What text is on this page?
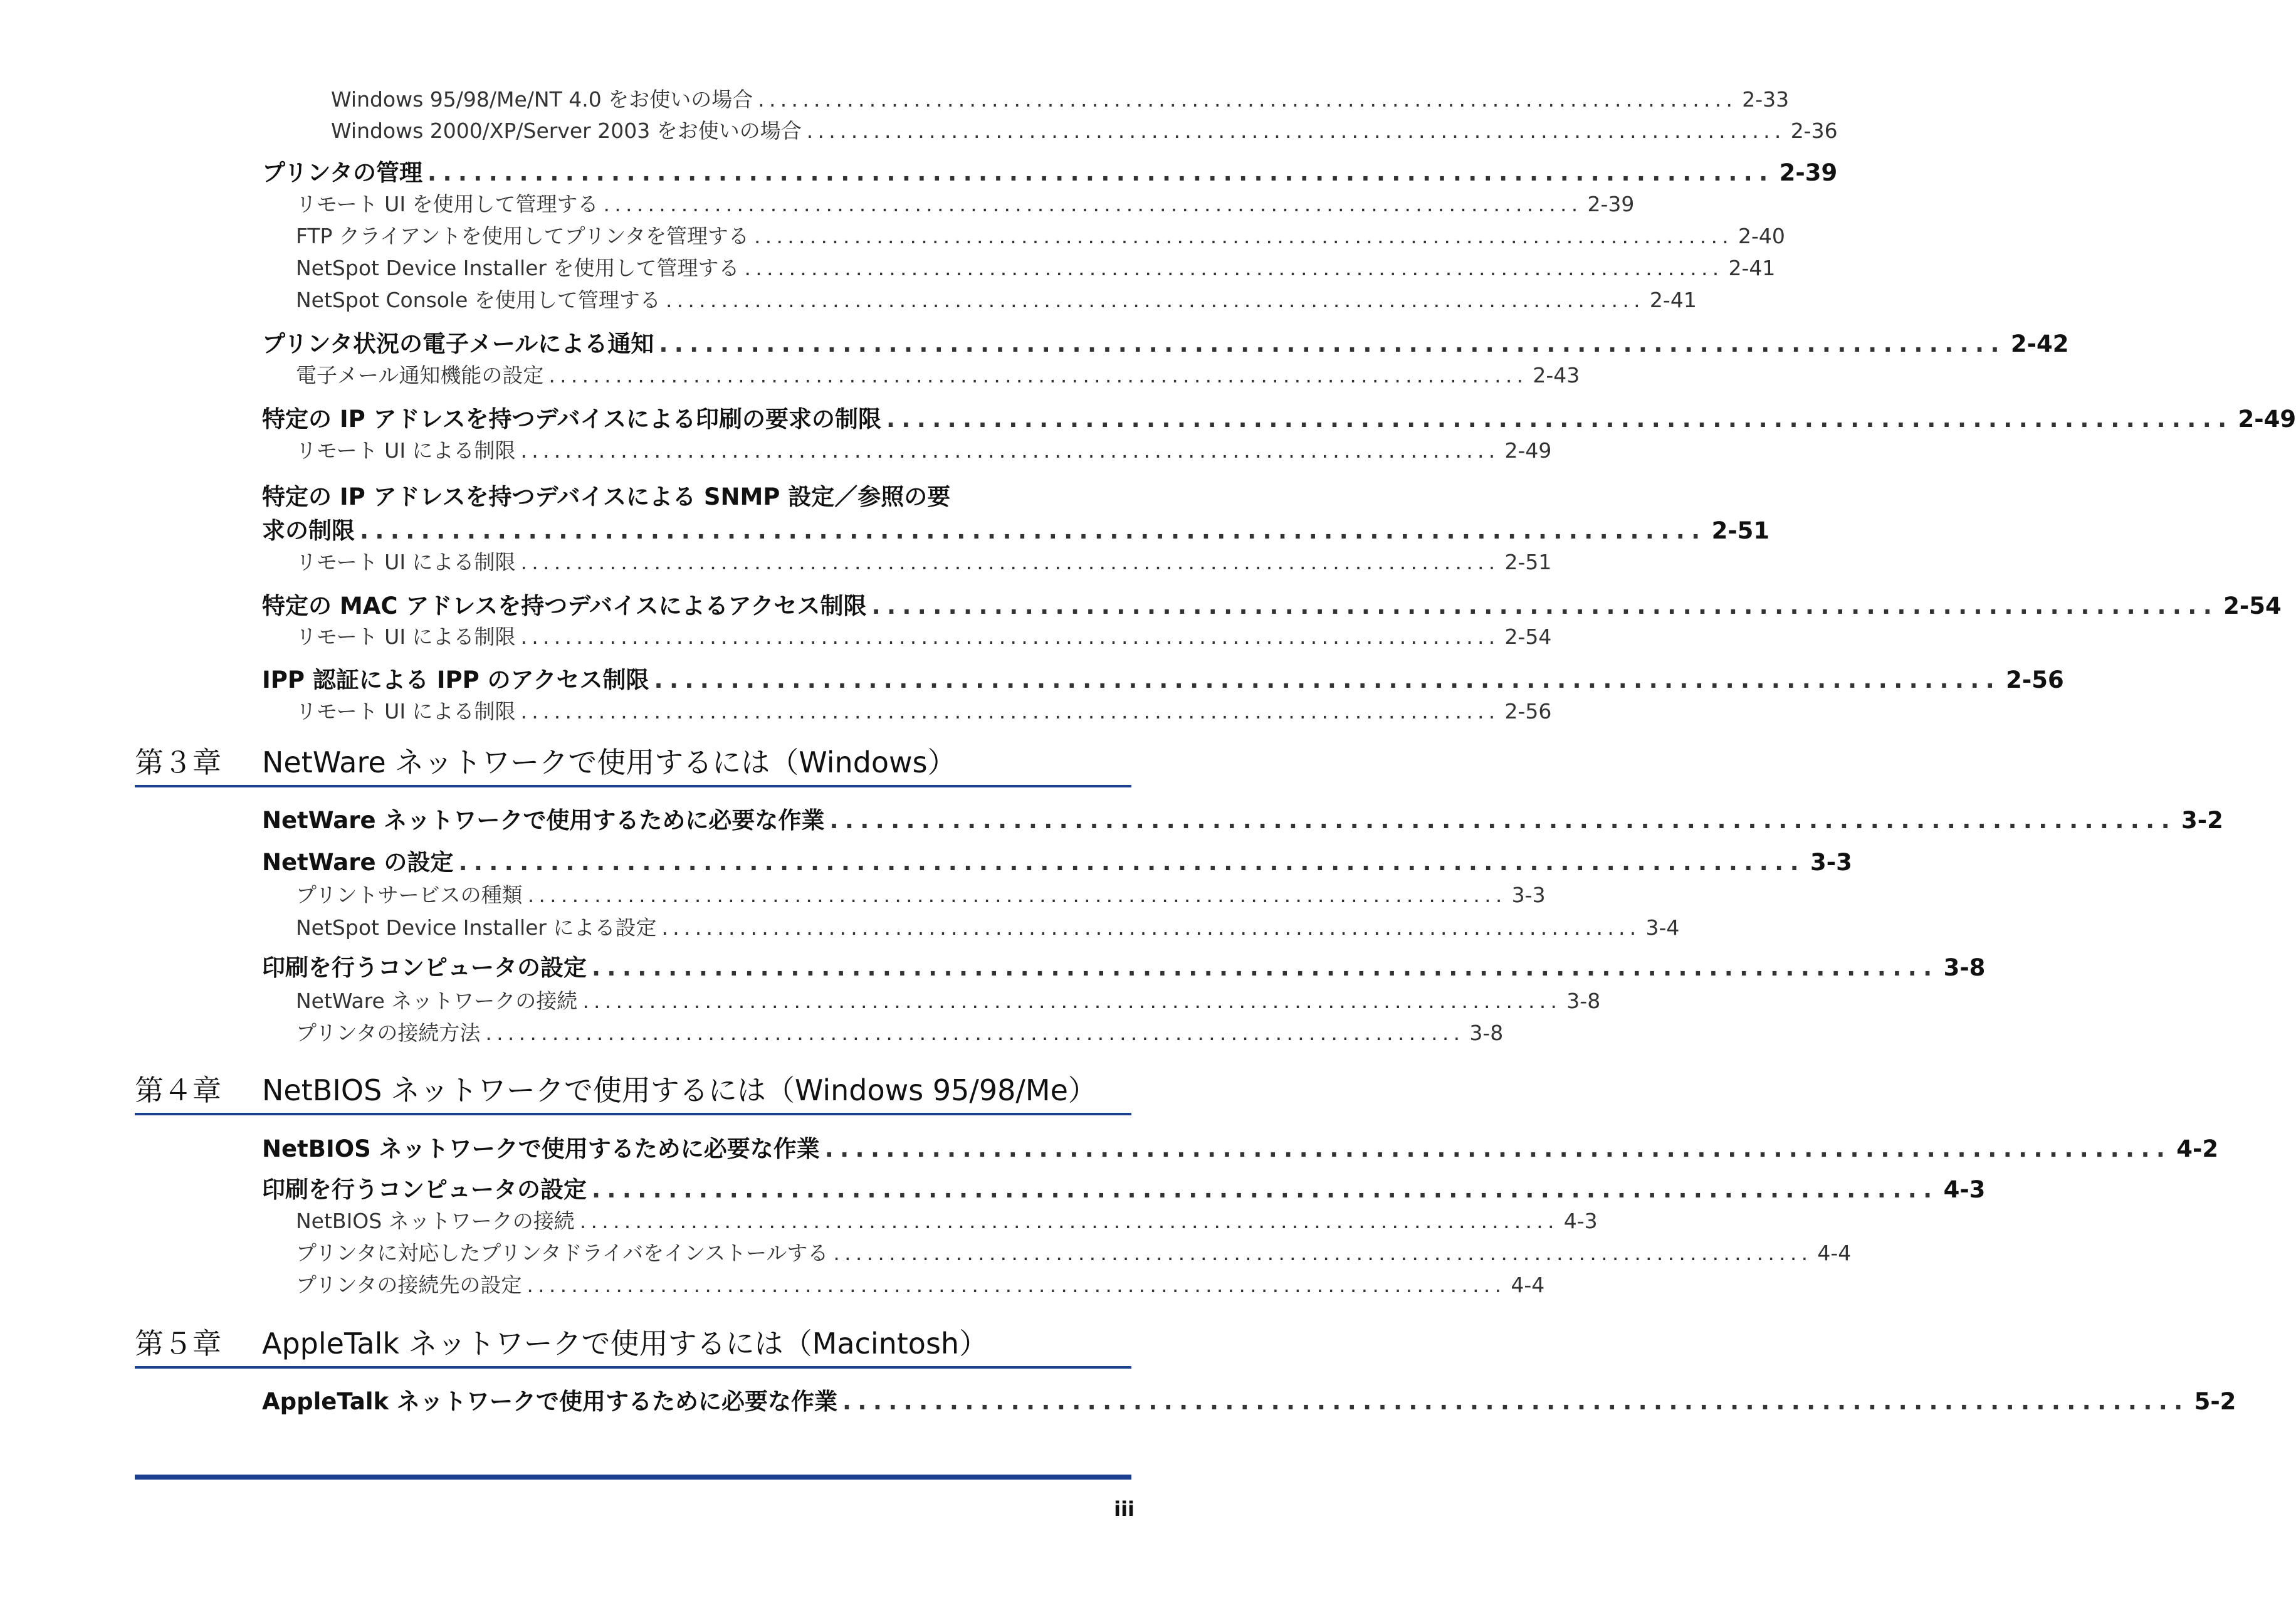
Windows 95/98/Me/NT 4.0 をお使いの場合 ........................................................................................ 2-33
Windows 2000/XP/Server 2003 をお使いの場合 ........................................................................................ 2-36
プリンタの管理 ........................................................................................ 2-39
リモート UI を使用して管理する ........................................................................................ 2-39
FTP クライアントを使用してプリンタを管理する ........................................................................................ 2-40
NetSpot Device Installer を使用して管理する ........................................................................................ 2-41
NetSpot Console を使用して管理する ........................................................................................ 2-41
プリンタ状況の電子メールによる通知 ........................................................................................ 2-42
電子メール通知機能の設定 ........................................................................................ 2-43
特定の IP アドレスを持つデバイスによる印刷の要求の制限 ........................................................................................ 2-49
リモート UI による制限 ........................................................................................ 2-49
特定の IP アドレスを持つデバイスによる SNMP 設定／参照の要
求の制限 ........................................................................................ 2-51
リモート UI による制限 ........................................................................................ 2-51
特定の MAC アドレスを持つデバイスによるアクセス制限 ........................................................................................ 2-54
リモート UI による制限 ........................................................................................ 2-54
IPP 認証による IPP のアクセス制限 ........................................................................................ 2-56
リモート UI による制限 ........................................................................................ 2-56
第３章 NetWare ネットワークで使用するには（Windows）
NetWare ネットワークで使用するために必要な作業 ........................................................................................ 3-2
NetWare の設定 ........................................................................................ 3-3
プリントサービスの種類 ........................................................................................ 3-3
NetSpot Device Installer による設定 ........................................................................................ 3-4
印刷を行うコンピュータの設定 ........................................................................................ 3-8
NetWare ネットワークの接続 ........................................................................................ 3-8
プリンタの接続方法 ........................................................................................ 3-8
第４章 NetBIOS ネットワークで使用するには（Windows 95/98/Me）
NetBIOS ネットワークで使用するために必要な作業 ........................................................................................ 4-2
印刷を行うコンピュータの設定 ........................................................................................ 4-3
NetBIOS ネットワークの接続 ........................................................................................ 4-3
プリンタに対応したプリンタドライバをインストールする ........................................................................................ 4-4
プリンタの接続先の設定 ........................................................................................ 4-4
第５章 AppleTalk ネットワークで使用するには（Macintosh）
AppleTalk ネットワークで使用するために必要な作業 ........................................................................................ 5-2
iii
